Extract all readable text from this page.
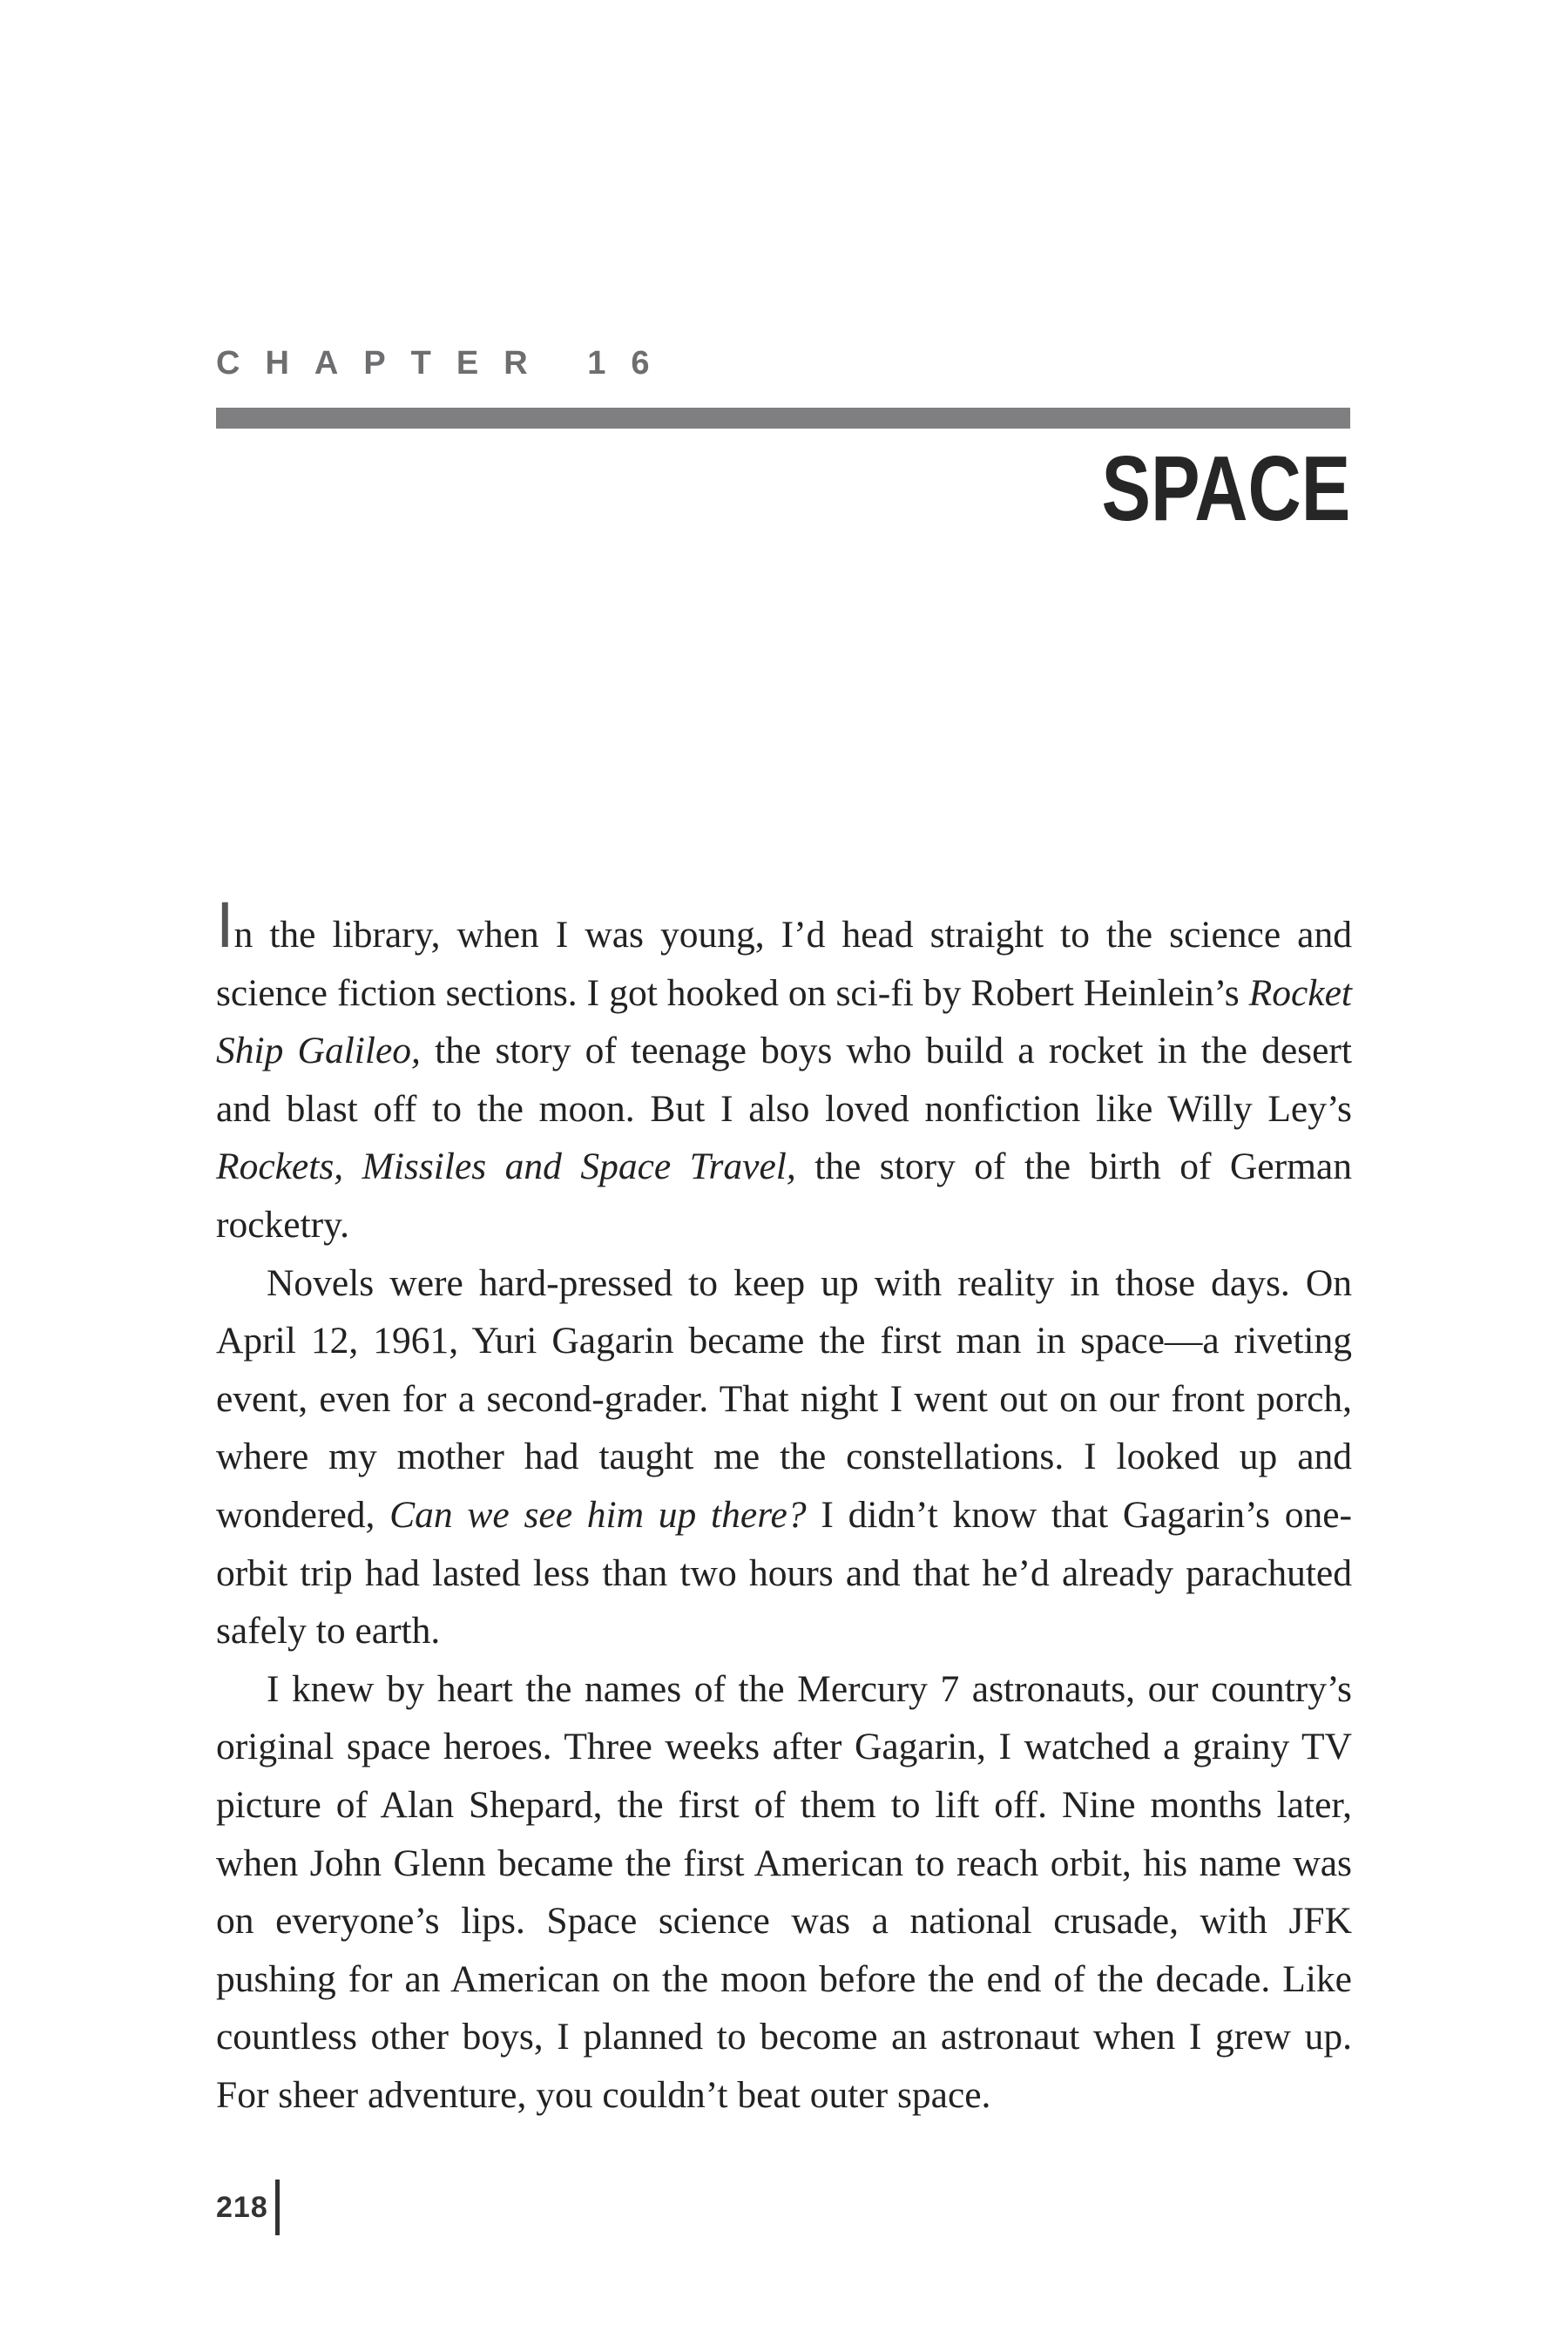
CHAPTER 16
SPACE

In the library, when I was young, I’d head straight to the science and science fiction sections. I got hooked on sci-fi by Robert Heinlein’s Rocket Ship Galileo, the story of teenage boys who build a rocket in the desert and blast off to the moon. But I also loved nonfiction like Willy Ley’s Rockets, Missiles and Space Travel, the story of the birth of German rocketry.

Novels were hard-pressed to keep up with reality in those days. On April 12, 1961, Yuri Gagarin became the first man in space—a riveting event, even for a second-grader. That night I went out on our front porch, where my mother had taught me the constellations. I looked up and wondered, Can we see him up there? I didn’t know that Gagarin’s one-orbit trip had lasted less than two hours and that he’d already parachuted safely to earth.

I knew by heart the names of the Mercury 7 astronauts, our country’s original space heroes. Three weeks after Gagarin, I watched a grainy TV picture of Alan Shepard, the first of them to lift off. Nine months later, when John Glenn became the first American to reach orbit, his name was on everyone’s lips. Space science was a national crusade, with JFK pushing for an American on the moon before the end of the decade. Like countless other boys, I planned to become an astronaut when I grew up. For sheer adventure, you couldn’t beat outer space.

218
